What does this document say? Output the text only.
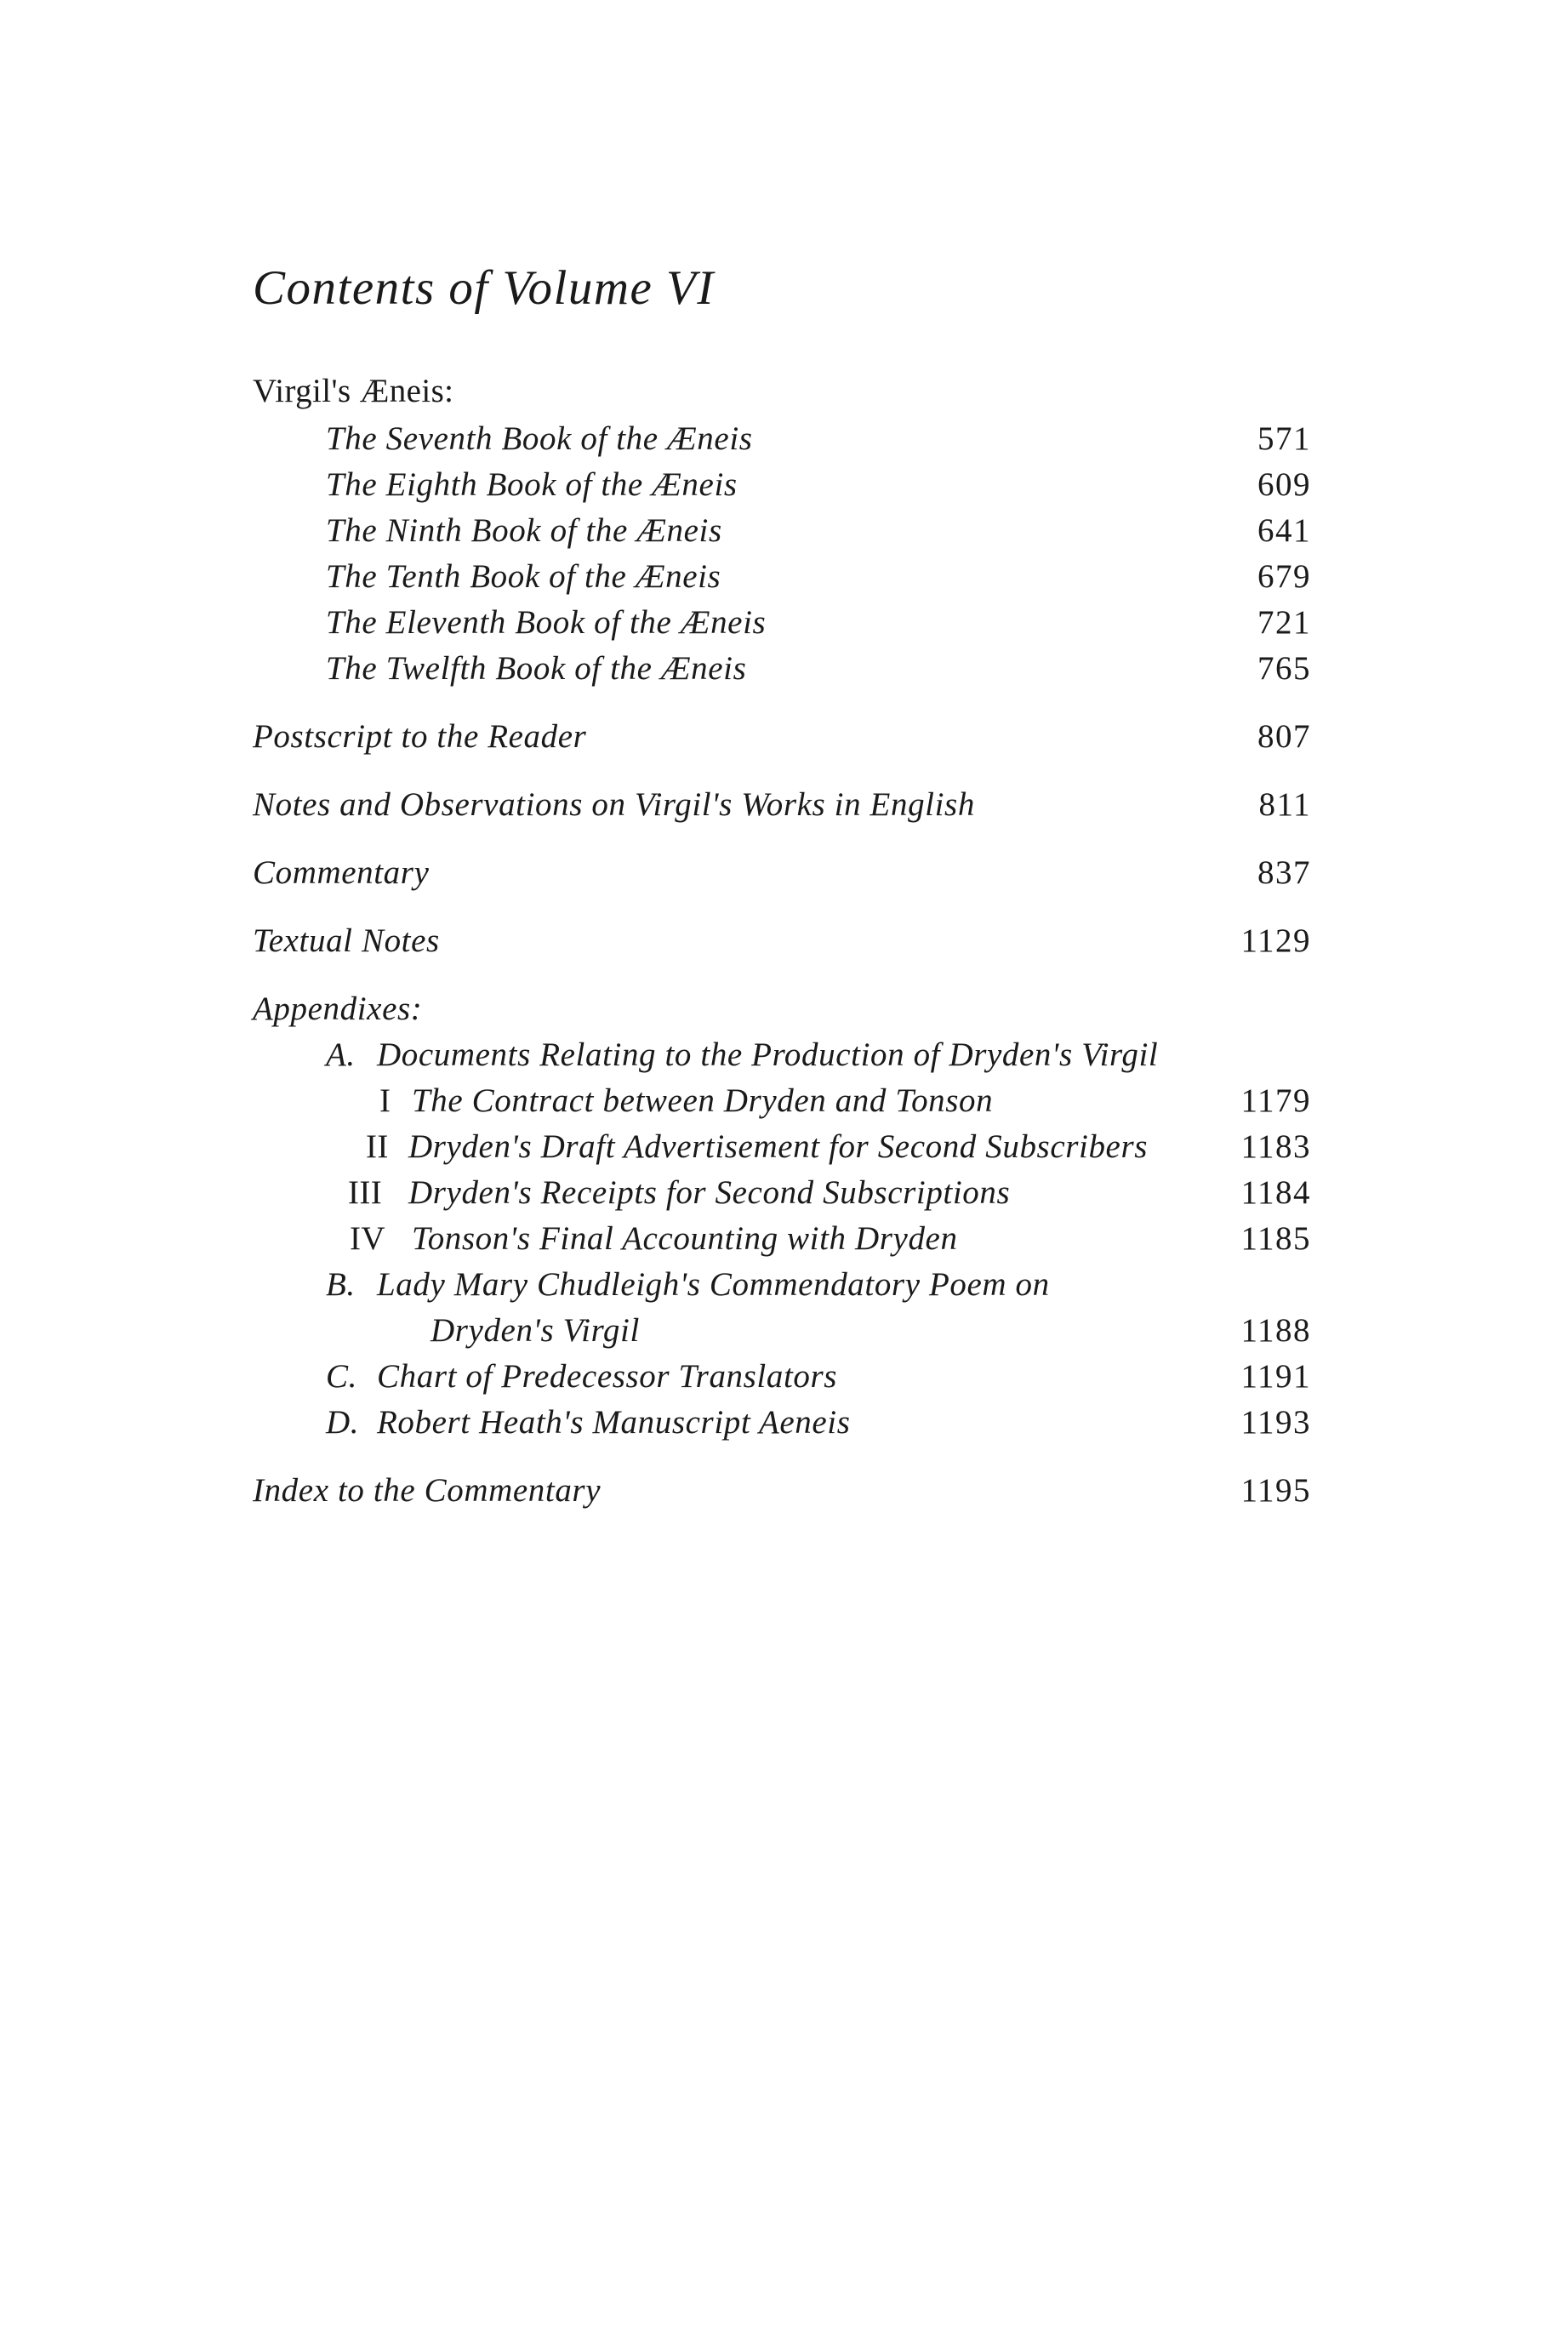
Contents of Volume VI
Virgil's Æneis:
The Seventh Book of the Æneis	571
The Eighth Book of the Æneis	609
The Ninth Book of the Æneis	641
The Tenth Book of the Æneis	679
The Eleventh Book of the Æneis	721
The Twelfth Book of the Æneis	765
Postscript to the Reader	807
Notes and Observations on Virgil's Works in English	811
Commentary	837
Textual Notes	1129
Appendixes:
A. Documents Relating to the Production of Dryden's Virgil
I The Contract between Dryden and Tonson	1179
II Dryden's Draft Advertisement for Second Subscribers	1183
III Dryden's Receipts for Second Subscriptions	1184
IV Tonson's Final Accounting with Dryden	1185
B. Lady Mary Chudleigh's Commendatory Poem on
Dryden's Virgil	1188
C. Chart of Predecessor Translators	1191
D. Robert Heath's Manuscript Aeneis	1193
Index to the Commentary	1195
